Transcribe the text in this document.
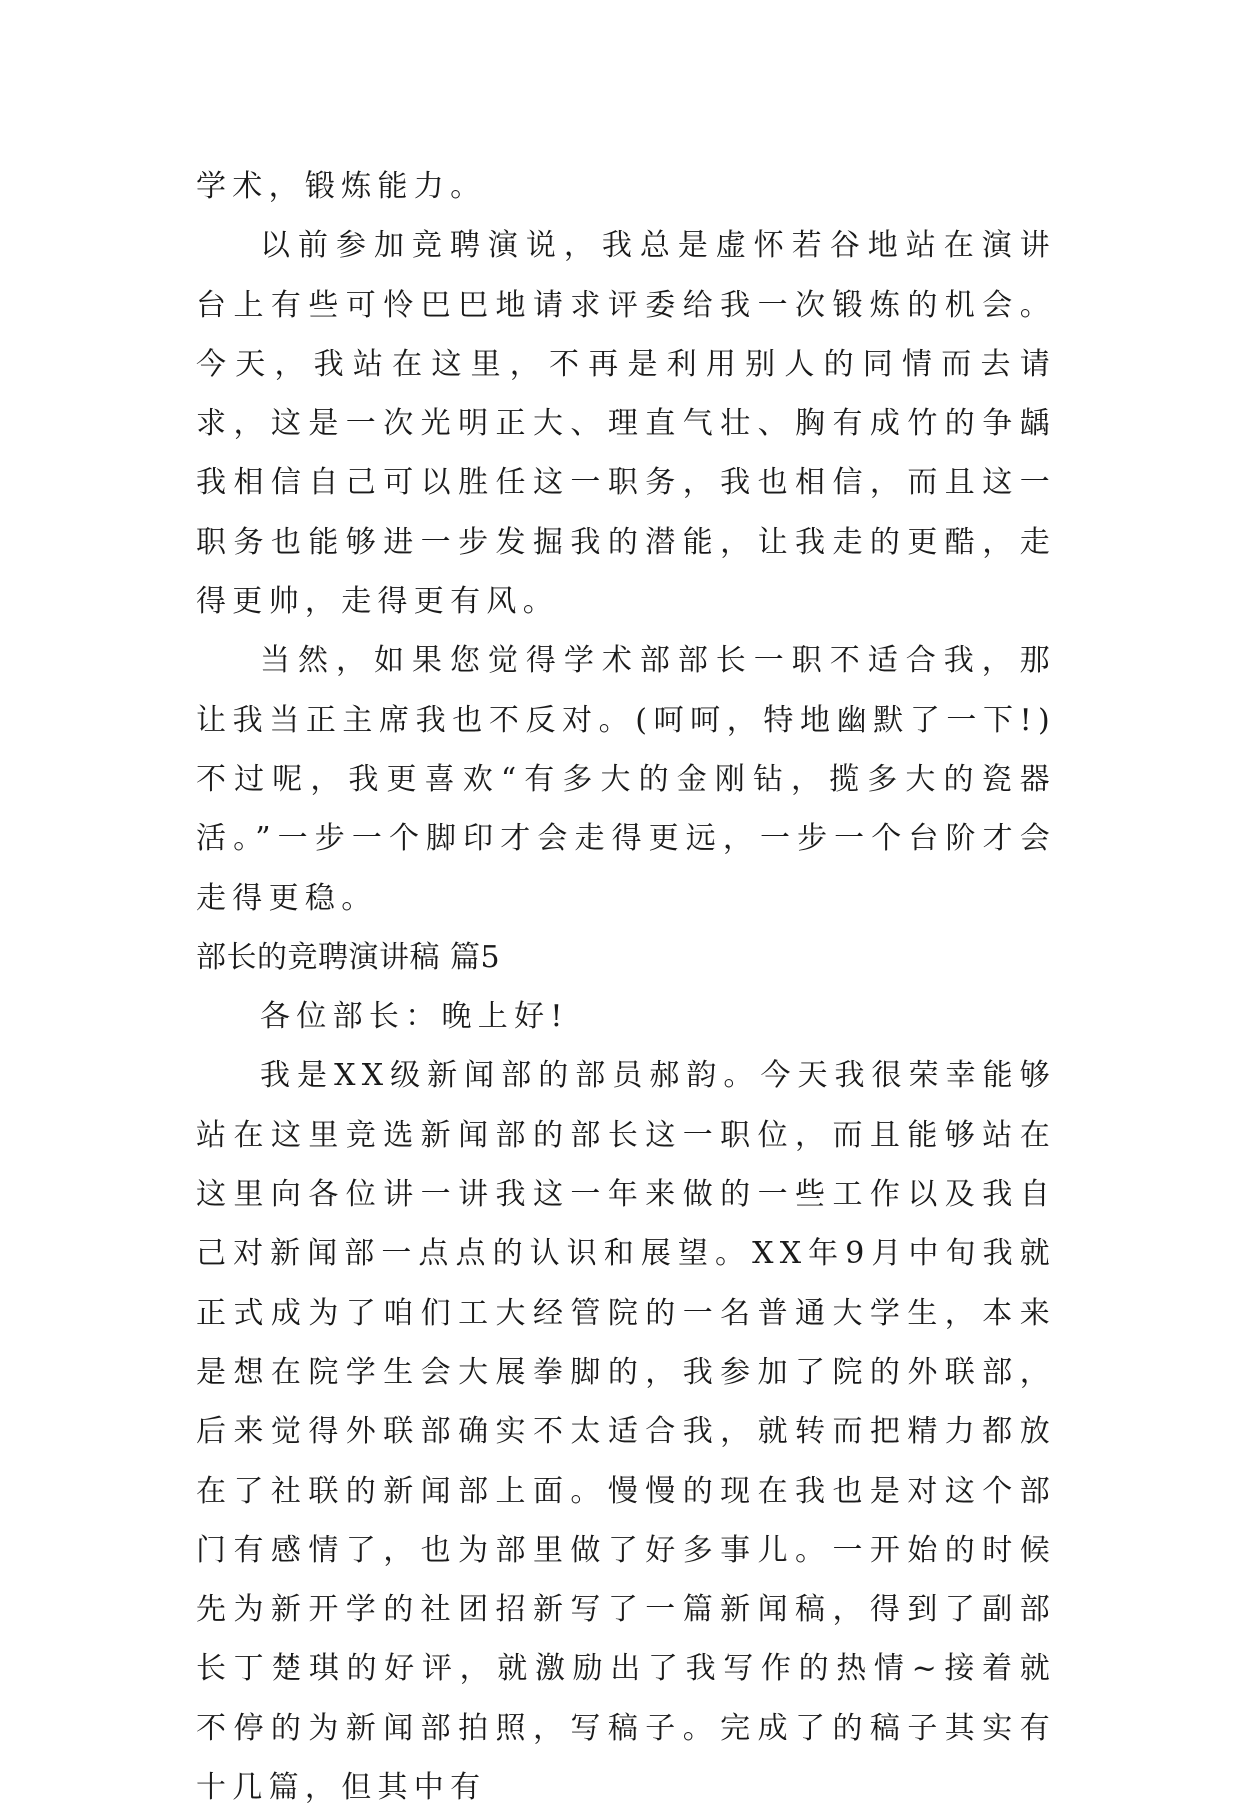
学术，锻炼能力。

以前参加竞聘演说，我总是虚怀若谷地站在演讲台上有些可怜巴巴地请求评委给我一次锻炼的机会。今天，我站在这里，不再是利用别人的同情而去请求，这是一次光明正大、理直气壮、胸有成竹的争龋我相信自己可以胜任这一职务，我也相信，而且这一职务也能够进一步发掘我的潜能，让我走的更酷，走得更帅，走得更有风。

当然，如果您觉得学术部部长一职不适合我，那让我当正主席我也不反对。(呵呵，特地幽默了一下!)不过呢，我更喜欢“有多大的金刚钻，揽多大的瓷器活。”一步一个脚印才会走得更远，一步一个台阶才会走得更稳。

部长的竞聘演讲稿 篇5

各位部长：晚上好!

我是XX级新闻部的部员郝韵。今天我很荣幸能够站在这里竞选新闻部的部长这一职位，而且能够站在这里向各位讲一讲我这一年来做的一些工作以及我自己对新闻部一点点的认识和展望。XX年9月中旬我就正式成为了咱们工大经管院的一名普通大学生，本来是想在院学生会大展拳脚的，我参加了院的外联部，后来觉得外联部确实不太适合我，就转而把精力都放在了社联的新闻部上面。慢慢的现在我也是对这个部门有感情了，也为部里做了好多事儿。一开始的时候先为新开学的社团招新写了一篇新闻稿，得到了副部长丁楚琪的好评，就激励出了我写作的热情~接着就不停的为新闻部拍照，写稿子。完成了的稿子其实有十几篇，但其中有
